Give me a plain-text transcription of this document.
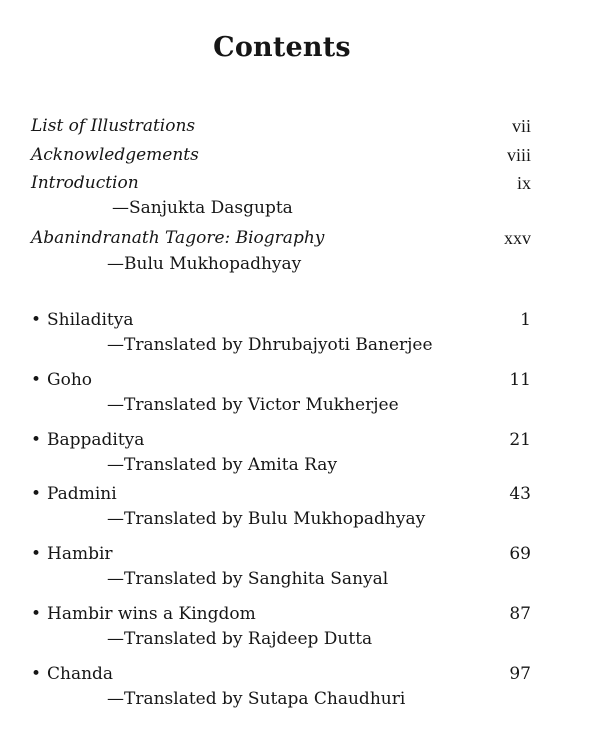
Contents
List of Illustrations	vii
Acknowledgements	viii
Introduction	ix
—Sanjukta Dasgupta
Abanindranath Tagore: Biography	xxv
—Bulu Mukhopadhyay
• Shiladitya	1
—Translated by Dhrubajyoti Banerjee
• Goho	11
—Translated by Victor Mukherjee
• Bappaditya	21
—Translated by Amita Ray
• Padmini	43
—Translated by Bulu Mukhopadhyay
• Hambir	69
—Translated by Sanghita Sanyal
• Hambir wins a Kingdom	87
—Translated by Rajdeep Dutta
• Chanda	97
—Translated by Sutapa Chaudhuri
